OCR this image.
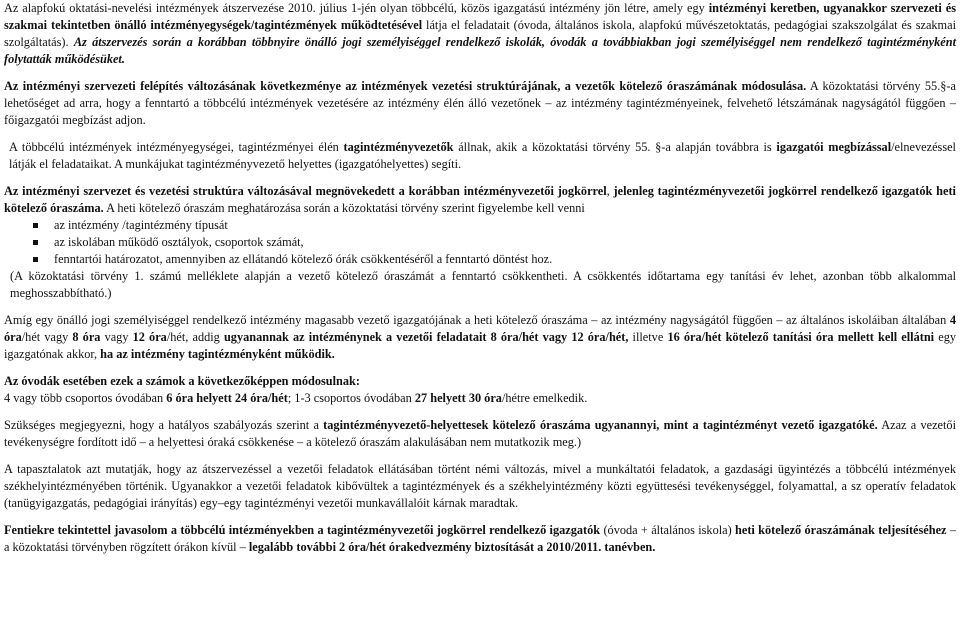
Az alapfokú oktatási-nevelési intézmények átszervezése 2010. július 1-jén olyan többcélú, közös igazgatású intézmény jön létre, amely egy intézményi keretben, ugyanakkor szervezeti és szakmai tekintetben önálló intézményegységek/tagintézmények működtetésével látja el feladatait (óvoda, általános iskola, alapfokú művészetoktatás, pedagógiai szakszolgálat és szakmai szolgáltatás). Az átszervezés során a korábban többnyire önálló jogi személyiséggel rendelkező iskolák, óvodák a továbbiakban jogi személyiséggel nem rendelkező tagintézményként folytatták működésüket.

Az intézményi szervezeti felépítés változásának következménye az intézmények vezetési struktúrájának, a vezetők kötelező óraszámának módosulása. A közoktatási törvény 55.§-a lehetőséget ad arra, hogy a fenntartó a többcélú intézmények vezetésére az intézmény élén álló vezetőnek – az intézmény tagintézményeinek, felvehető létszámának nagyságától függően – főigazgatói megbízást adjon.

A többcélú intézmények intézményegységei, tagintézményei élén tagintézményvezetők állnak, akik a közoktatási törvény 55. §-a alapján továbbra is igazgatói megbízással/elnevezéssel látják el feladataikat. A munkájukat tagintézményvezető helyettes (igazgatóhelyettes) segíti.

Az intézményi szervezet és vezetési struktúra változásával megnövekedett a korábban intézményvezetői jogkörrel, jelenleg tagintézményvezetői jogkörrel rendelkező igazgatók heti kötelező óraszáma. A heti kötelező óraszám meghatározása során a közoktatási törvény szerint figyelembe kell venni

az intézmény /tagintézmény típusát
az iskolában működő osztályok, csoportok számát,
fenntartói határozatot, amennyiben az ellátandó kötelező órák csökkentéséről a fenntartó döntést hoz.

(A közoktatási törvény 1. számú melléklete alapján a vezető kötelező óraszámát a fenntartó csökkentheti. A csökkentés időtartama egy tanítási év lehet, azonban több alkalommal meghosszabbítható.)

Amíg egy önálló jogi személyiséggel rendelkező intézmény magasabb vezető igazgatójának a heti kötelező óraszáma – az intézmény nagyságától függően – az általános iskoláiban általában 4 óra/hét vagy 8 óra vagy 12 óra/hét, addig ugyanannak az intézménynek a vezetői feladatait 8 óra/hét vagy 12 óra/hét, illetve 16 óra/hét kötelező tanítási óra mellett kell ellátni egy igazgatónak akkor, ha az intézmény tagintézményként működik.

Az óvodák esetében ezek a számok a következőképpen módosulnak:

4 vagy több csoportos óvodában 6 óra helyett 24 óra/hét; 1-3 csoportos óvodában 27 helyett 30 óra/hétre emelkedik.

Szükséges megjegyezni, hogy a hatályos szabályozás szerint a tagintézményvezető-helyettesek kötelező óraszáma ugyanannyi, mint a tagintézményt vezető igazgatóké. Azaz a vezetői tevékenységre fordított idő – a helyettesi óraká csökkenése – a kötelező óraszám alakulásában nem mutatkozik meg.)

A tapasztalatok azt mutatják, hogy az átszervezéssel a vezetői feladatok ellátásában történt némi változás, mivel a munkáltatói feladatok, a gazdasági ügyintézés a többcélú intézmények székhelyintézményében történik. Ugyanakkor a vezetői feladatok kibővültek a tagintézmények és a székhelyintézmény közti együttesési tevékenységgel, folyamattal, a sz operatív feladatok (tanügyigazgatás, pedagógiai irányítás) egy–egy tagintézményi vezetői munkavállalóit kárnak maradtak.

Fentiekre tekintettel javasolom a többcélú intézményekben a tagintézményvezetői jogkörrel rendelkező igazgatók (óvoda + általános iskola) heti kötelező óraszámának teljesítéséhez – a közoktatási törvényben rögzített órákon kívül – legalább további 2 óra/hét órakedvezmény biztosítását a 2010/2011. tanévben.
